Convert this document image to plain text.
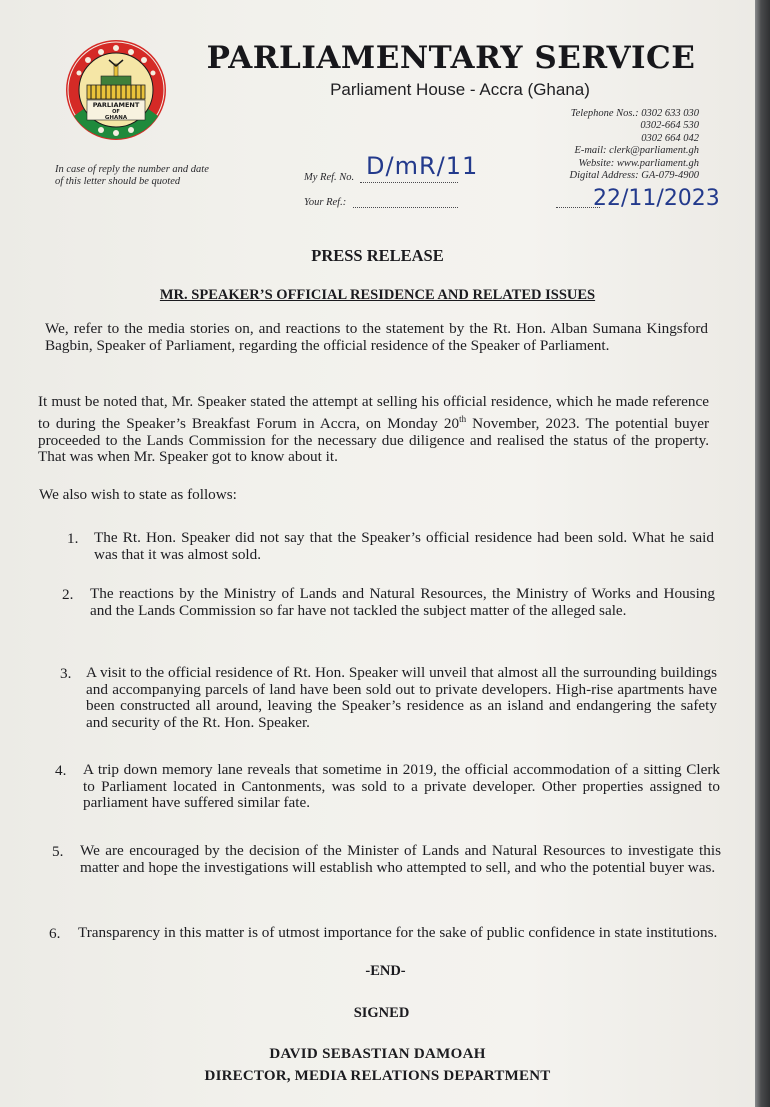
PARLIAMENT
OF
GHANA
PARLIAMENTARY SERVICE
Parliament House - Accra (Ghana)
Telephone Nos.: 0302 633 030
0302-664 530
0302 664 042
E-mail: clerk@parliament.gh
Website: www.parliament.gh
Digital Address: GA-079-4900
In case of reply the number and date of this letter should be quoted	My Ref. No. D/mR/11
Your Ref.:	22/11/2023
PRESS RELEASE
MR. SPEAKER’S OFFICIAL RESIDENCE AND RELATED ISSUES
We, refer to the media stories on, and reactions to the statement by the Rt. Hon. Alban Sumana Kingsford Bagbin, Speaker of Parliament, regarding the official residence of the Speaker of Parliament.
It must be noted that, Mr. Speaker stated the attempt at selling his official residence, which he made reference to during the Speaker’s Breakfast Forum in Accra, on Monday 20th November, 2023. The potential buyer proceeded to the Lands Commission for the necessary due diligence and realised the status of the property. That was when Mr. Speaker got to know about it.
We also wish to state as follows:
1. The Rt. Hon. Speaker did not say that the Speaker’s official residence had been sold. What he said was that it was almost sold.
2. The reactions by the Ministry of Lands and Natural Resources, the Ministry of Works and Housing and the Lands Commission so far have not tackled the subject matter of the alleged sale.
3. A visit to the official residence of Rt. Hon. Speaker will unveil that almost all the surrounding buildings and accompanying parcels of land have been sold out to private developers. High-rise apartments have been constructed all around, leaving the Speaker’s residence as an island and endangering the safety and security of the Rt. Hon. Speaker.
4. A trip down memory lane reveals that sometime in 2019, the official accommodation of a sitting Clerk to Parliament located in Cantonments, was sold to a private developer. Other properties assigned to parliament have suffered similar fate.
5. We are encouraged by the decision of the Minister of Lands and Natural Resources to investigate this matter and hope the investigations will establish who attempted to sell, and who the potential buyer was.
6. Transparency in this matter is of utmost importance for the sake of public confidence in state institutions.
-END-
SIGNED
DAVID SEBASTIAN DAMOAH
DIRECTOR, MEDIA RELATIONS DEPARTMENT
